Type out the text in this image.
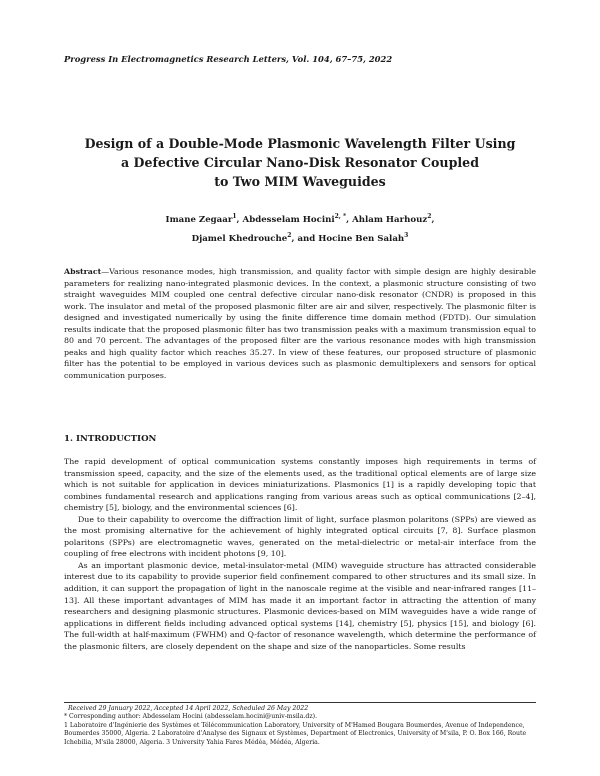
Progress In Electromagnetics Research Letters, Vol. 104, 67–75, 2022
Design of a Double-Mode Plasmonic Wavelength Filter Using
a Defective Circular Nano-Disk Resonator Coupled
to Two MIM Waveguides
Imane Zegaar$^1$, Abdesselam Hocini$^{2, *}$, Ahlam Harhouz$^2$,
Djamel Khedrouche$^2$, and Hocine Ben Salah$^3$
Abstract—Various resonance modes, high transmission, and quality factor with simple design are highly desirable parameters for realizing nano-integrated plasmonic devices. In the context, a plasmonic structure consisting of two straight waveguides MIM coupled one central defective circular nano-disk resonator (CNDR) is proposed in this work. The insulator and metal of the proposed plasmonic filter are air and silver, respectively. The plasmonic filter is designed and investigated numerically by using the finite difference time domain method (FDTD). Our simulation results indicate that the proposed plasmonic filter has two transmission peaks with a maximum transmission equal to 80 and 70 percent. The advantages of the proposed filter are the various resonance modes with high transmission peaks and high quality factor which reaches 35.27. In view of these features, our proposed structure of plasmonic filter has the potential to be employed in various devices such as plasmonic demultiplexers and sensors for optical communication purposes.
1. INTRODUCTION

The rapid development of optical communication systems constantly imposes high requirements in terms of transmission speed, capacity, and the size of the elements used, as the traditional optical elements are of large size which is not suitable for application in devices miniaturizations. Plasmonics [1] is a rapidly developing topic that combines fundamental research and applications ranging from various areas such as optical communications [2–4], chemistry [5], biology, and the environmental sciences [6].

Due to their capability to overcome the diffraction limit of light, surface plasmon polaritons (SPPs) are viewed as the most promising alternative for the achievement of highly integrated optical circuits [7, 8]. Surface plasmon polaritons (SPPs) are electromagnetic waves, generated on the metal-dielectric or metal-air interface from the coupling of free electrons with incident photons [9, 10].

As an important plasmonic device, metal-insulator-metal (MIM) waveguide structure has attracted considerable interest due to its capability to provide superior field confinement compared to other structures and its small size. In addition, it can support the propagation of light in the nanoscale regime at the visible and near-infrared ranges [11–13]. All these important advantages of MIM has made it an important factor in attracting the attention of many researchers and designing plasmonic structures. Plasmonic devices-based on MIM waveguides have a wide range of applications in different fields including advanced optical systems [14], chemistry [5], physics [15], and biology [6]. The full-width at half-maximum (FWHM) and Q-factor of resonance wavelength, which determine the performance of the plasmonic filters, are closely dependent on the shape and size of the nanoparticles. Some results

Received 29 January 2022, Accepted 14 April 2022, Scheduled 26 May 2022
* Corresponding author: Abdesselam Hocini (abdesselam.hocini@univ-msila.dz).
1 Laboratoire d'Ingénierie des Systèmes et Télécommunication Laboratory, University of M'Hamed Bougara Boumerdes, Avenue of Independence, Boumerdes 35000, Algeria. 2 Laboratoire d'Analyse des Signaux et Systèmes, Department of Electronics, University of M'sila, P. O. Box 166, Route Ichebilia, M'sila 28000, Algeria. 3 University Yahia Fares Médéa, Médéa, Algeria.
